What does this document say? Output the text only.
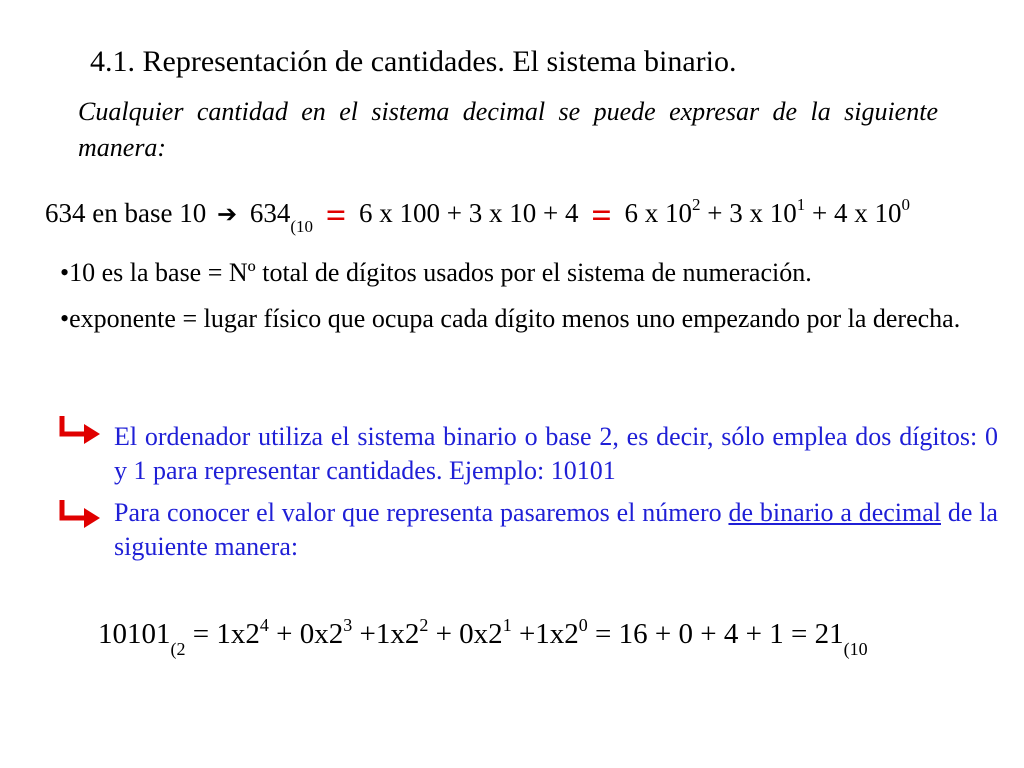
4.1. Representación de cantidades. El sistema binario.
Cualquier cantidad en el sistema decimal se puede expresar de la siguiente manera:
634 en base 10 ➔ $634_{(10} = 6$ x 100 + 3 x 10 + 4 = 6 x $10^2 + 3$ x $10^1 + 4$ x $10^0$
•10 es la base = Nº total de dígitos usados por el sistema de numeración.
•exponente = lugar físico que ocupa cada dígito menos uno empezando por la derecha.
El ordenador utiliza el sistema binario o base 2, es decir, sólo emplea dos dígitos: 0 y 1 para representar cantidades. Ejemplo: 10101
Para conocer el valor que representa pasaremos el número de binario a decimal de la siguiente manera:
$10101_{(2} = 1x2^4 + 0x2^3 +1x2^2 + 0x2^1 +1x2^0 = 16 + 0 + 4 + 1 = 21_{(10}$
